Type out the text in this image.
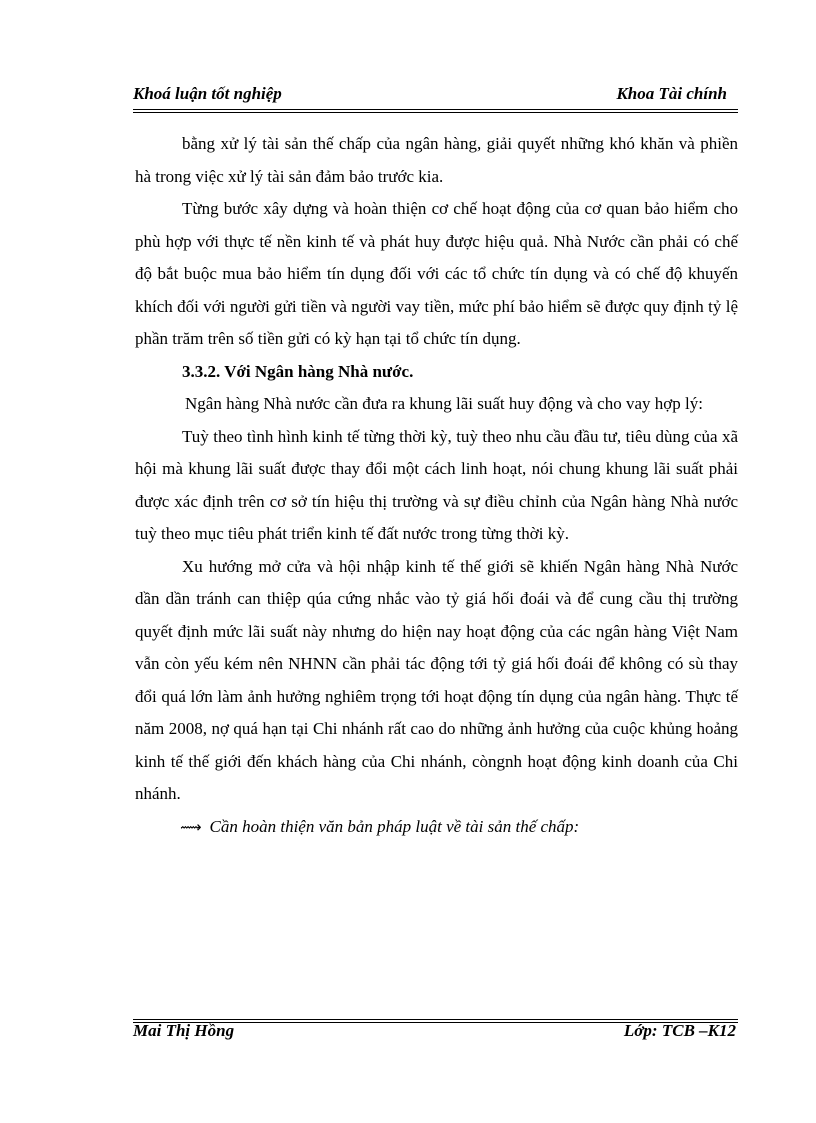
Khoá luận tốt nghiệp	Khoa Tài chính

bằng xử lý tài sản thế chấp của ngân hàng, giải quyết những khó khăn và phiền hà trong việc xử lý tài sản đảm bảo trước kia.

Từng bước xây dựng và hoàn thiện cơ chế hoạt động của cơ quan bảo hiểm cho phù hợp với thực tế nền kinh tế và phát huy được hiệu quả. Nhà Nước cần phải có chế độ bắt buộc mua bảo hiểm tín dụng đối với các tổ chức tín dụng và có chế độ khuyến khích đối với người gửi tiền và người vay tiền, mức phí bảo hiểm sẽ được quy định tỷ lệ phần trăm trên số tiền gửi có kỳ hạn tại tổ chức tín dụng.

3.3.2. Với Ngân hàng Nhà nước.

Ngân hàng Nhà nước cần đưa ra khung lãi suất huy động và cho vay hợp lý:

Tuỳ theo tình hình kinh tế từng thời kỳ, tuỳ theo nhu cầu đầu tư, tiêu dùng của xã hội mà khung lãi suất được thay đổi một cách linh hoạt, nói chung khung lãi suất phải được xác định trên cơ sở tín hiệu thị trường và sự điều chỉnh của Ngân hàng Nhà nước tuỳ theo mục tiêu phát triển kinh tế đất nước trong từng thời kỳ.

Xu hướng mở cửa và hội nhập kinh tế thế giới sẽ khiến Ngân hàng Nhà Nước dần dần tránh can thiệp qúa cứng nhắc vào tỷ giá hối đoái và để cung cầu thị trường quyết định mức lãi suất này nhưng do hiện nay hoạt động của các ngân hàng Việt Nam vẫn còn yếu kém nên NHNN cần phải tác động tới tỷ giá hối đoái để không có sù thay đổi quá lớn làm ảnh hưởng nghiêm trọng tới hoạt động tín dụng của ngân hàng. Thực tế năm 2008, nợ quá hạn tại Chi nhánh rất cao do những ảnh hưởng của cuộc khủng hoảng kinh tế thế giới đến khách hàng của Chi nhánh, còngnh hoạt động kinh doanh của Chi nhánh.

⟿ Cần hoàn thiện văn bản pháp luật về tài sản thế chấp:

Mai Thị Hồng	Lớp: TCB –K12
